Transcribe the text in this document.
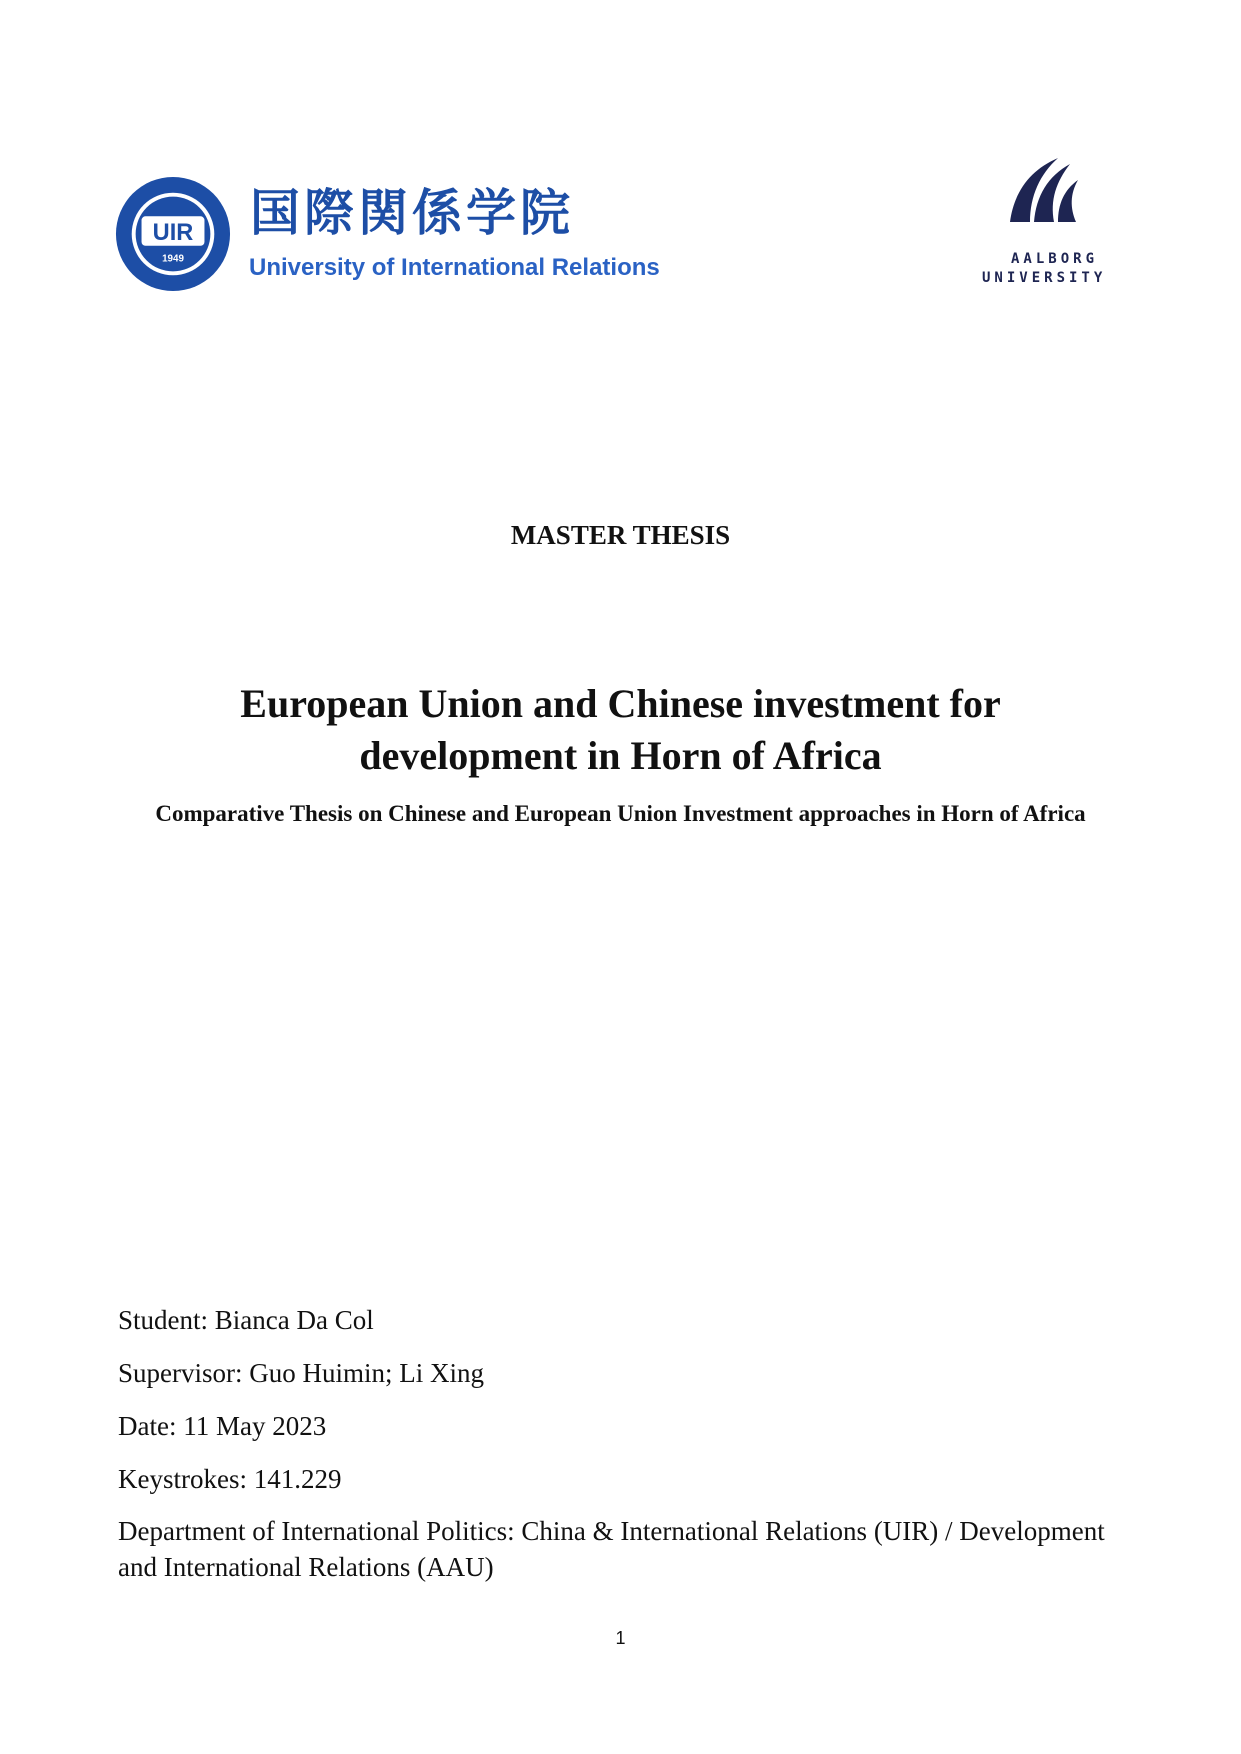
UIR
1949
国際関係学院
University of International Relations	AALBORG
UNIVERSITY
MASTER THESIS
European Union and Chinese investment for development in Horn of Africa
Comparative Thesis on Chinese and European Union Investment approaches in Horn of Africa
Student: Bianca Da Col
Supervisor: Guo Huimin; Li Xing
Date: 11 May 2023
Keystrokes: 141.229
Department of International Politics: China & International Relations (UIR) / Development and International Relations (AAU)
1
